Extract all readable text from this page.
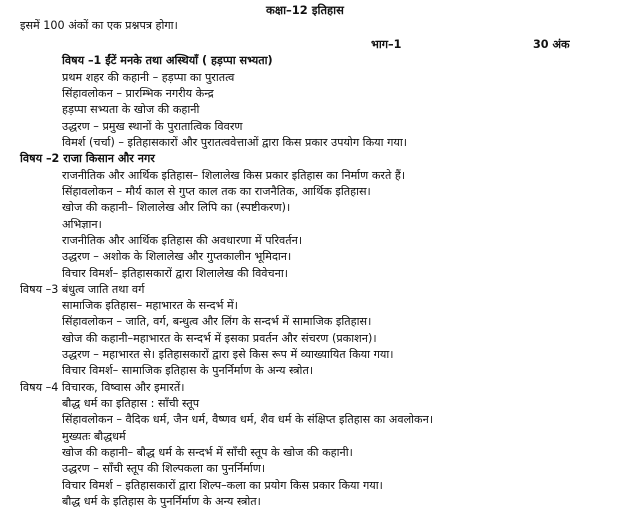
कक्षा–12 इतिहास
इसमें 100 अंकों का एक प्रश्नपत्र होगा।
भाग–1	30 अंक
विषय –1 ईंटें मनके तथा अस्थियाँ ( हड़प्पा सभ्यता)
प्रथम शहर की कहानी – हड़प्पा का पुरातत्व
सिंहावलोकन – प्रारम्भिक नगरीय केन्द्र
हड़प्पा सभ्यता के खोज की कहानी
उद्धरण – प्रमुख स्थानों के पुरातात्विक विवरण
विमर्श (चर्चा) – इतिहासकारों और पुरातत्ववेत्ताओं द्वारा किस प्रकार उपयोग किया गया।
विषय –2 राजा किसान और नगर
राजनीतिक और आर्थिक इतिहास– शिलालेख किस प्रकार इतिहास का निर्माण करते हैं।
सिंहावलोकन – मौर्य काल से गुप्त काल तक का राजनैतिक, आर्थिक इतिहास।
खोज की कहानी– शिलालेख और लिपि का (स्पष्टीकरण)।
अभिज्ञान।
राजनीतिक और आर्थिक इतिहास की अवधारणा में परिवर्तन।
उद्धरण – अशोक के शिलालेख और गुप्तकालीन भूमिदान।
विचार विमर्श– इतिहासकारों द्वारा शिलालेख की विवेचना।
विषय –3 बंधुत्व जाति तथा वर्ग
सामाजिक इतिहास– महाभारत के सन्दर्भ में।
सिंहावलोकन – जाति, वर्ग, बन्धुत्व और लिंग के सन्दर्भ में सामाजिक इतिहास।
खोज की कहानी–महाभारत के सन्दर्भ में इसका प्रवर्तन और संचरण (प्रकाशन)।
उद्धरण – महाभारत से। इतिहासकारों द्वारा इसे किस रूप में व्याख्यायित किया गया।
विचार विमर्श– सामाजिक इतिहास के पुनर्निर्माण के अन्य स्त्रोत।
विषय –4 विचारक, विष्वास और इमारतें।
बौद्ध धर्म का इतिहास : साँची स्तूप
सिंहावलोकन – वैदिक धर्म, जैन धर्म, वैष्णव धर्म, शैव धर्म के संक्षिप्त इतिहास का अवलोकन।
मुख्यतः बौद्धधर्म
खोज की कहानी– बौद्ध धर्म के सन्दर्भ में साँची स्तूप के खोज की कहानी।
उद्धरण – साँची स्तूप की शिल्पकला का पुनर्निर्माण।
विचार विमर्श – इतिहासकारों द्वारा शिल्प–कला का प्रयोग किस प्रकार किया गया।
बौद्ध धर्म के इतिहास के पुनर्निर्माण के अन्य स्त्रोत।
